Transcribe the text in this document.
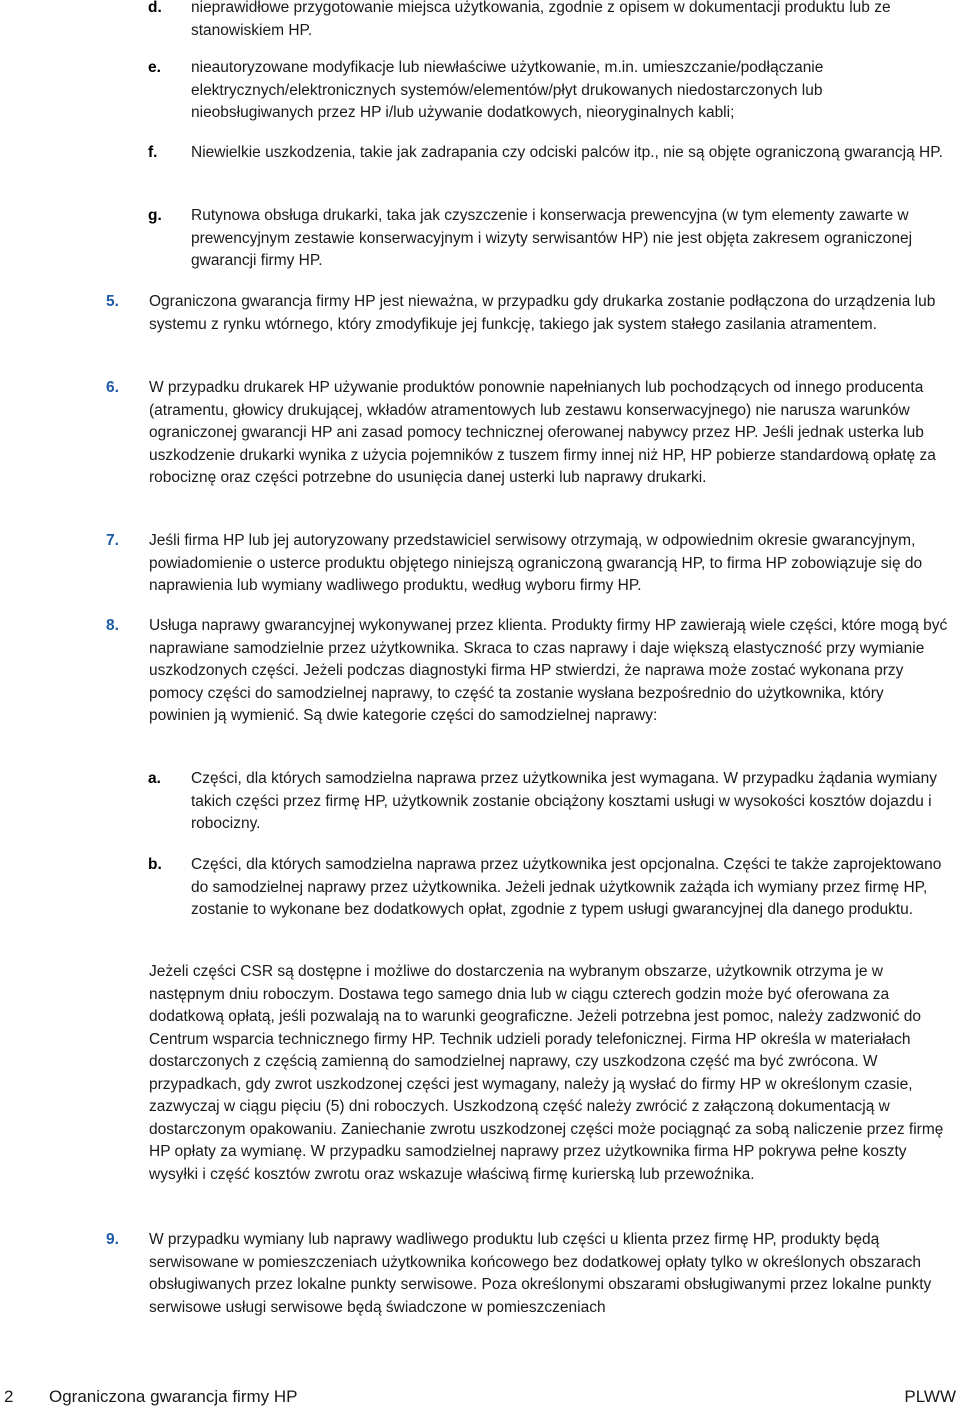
d. nieprawidłowe przygotowanie miejsca użytkowania, zgodnie z opisem w dokumentacji produktu lub ze stanowiskiem HP.
e. nieautoryzowane modyfikacje lub niewłaściwe użytkowanie, m.in. umieszczanie/podłączanie elektrycznych/elektronicznych systemów/elementów/płyt drukowanych niedostarczonych lub nieobsługiwanych przez HP i/lub używanie dodatkowych, nieoryginalnych kabli;
f. Niewielkie uszkodzenia, takie jak zadrapania czy odciski palców itp., nie są objęte ograniczoną gwarancją HP.
g. Rutynowa obsługa drukarki, taka jak czyszczenie i konserwacja prewencyjna (w tym elementy zawarte w prewencyjnym zestawie konserwacyjnym i wizyty serwisantów HP) nie jest objęta zakresem ograniczonej gwarancji firmy HP.
5. Ograniczona gwarancja firmy HP jest nieważna, w przypadku gdy drukarka zostanie podłączona do urządzenia lub systemu z rynku wtórnego, który zmodyfikuje jej funkcję, takiego jak system stałego zasilania atramentem.
6. W przypadku drukarek HP używanie produktów ponownie napełnianych lub pochodzących od innego producenta (atramentu, głowicy drukującej, wkładów atramentowych lub zestawu konserwacyjnego) nie narusza warunków ograniczonej gwarancji HP ani zasad pomocy technicznej oferowanej nabywcy przez HP. Jeśli jednak usterka lub uszkodzenie drukarki wynika z użycia pojemników z tuszem firmy innej niż HP, HP pobierze standardową opłatę za robociznę oraz części potrzebne do usunięcia danej usterki lub naprawy drukarki.
7. Jeśli firma HP lub jej autoryzowany przedstawiciel serwisowy otrzymają, w odpowiednim okresie gwarancyjnym, powiadomienie o usterce produktu objętego niniejszą ograniczoną gwarancją HP, to firma HP zobowiązuje się do naprawienia lub wymiany wadliwego produktu, według wyboru firmy HP.
8. Usługa naprawy gwarancyjnej wykonywanej przez klienta. Produkty firmy HP zawierają wiele części, które mogą być naprawiane samodzielnie przez użytkownika. Skraca to czas naprawy i daje większą elastyczność przy wymianie uszkodzonych części. Jeżeli podczas diagnostyki firma HP stwierdzi, że naprawa może zostać wykonana przy pomocy części do samodzielnej naprawy, to część ta zostanie wysłana bezpośrednio do użytkownika, który powinien ją wymienić. Są dwie kategorie części do samodzielnej naprawy:
a. Części, dla których samodzielna naprawa przez użytkownika jest wymagana. W przypadku żądania wymiany takich części przez firmę HP, użytkownik zostanie obciążony kosztami usługi w wysokości kosztów dojazdu i robocizny.
b. Części, dla których samodzielna naprawa przez użytkownika jest opcjonalna. Części te także zaprojektowano do samodzielnej naprawy przez użytkownika. Jeżeli jednak użytkownik zażąda ich wymiany przez firmę HP, zostanie to wykonane bez dodatkowych opłat, zgodnie z typem usługi gwarancyjnej dla danego produktu.
Jeżeli części CSR są dostępne i możliwe do dostarczenia na wybranym obszarze, użytkownik otrzyma je w następnym dniu roboczym. Dostawa tego samego dnia lub w ciągu czterech godzin może być oferowana za dodatkową opłatą, jeśli pozwalają na to warunki geograficzne. Jeżeli potrzebna jest pomoc, należy zadzwonić do Centrum wsparcia technicznego firmy HP. Technik udzieli porady telefonicznej. Firma HP określa w materiałach dostarczonych z częścią zamienną do samodzielnej naprawy, czy uszkodzona część ma być zwrócona. W przypadkach, gdy zwrot uszkodzonej części jest wymagany, należy ją wysłać do firmy HP w określonym czasie, zazwyczaj w ciągu pięciu (5) dni roboczych. Uszkodzoną część należy zwrócić z załączoną dokumentacją w dostarczonym opakowaniu. Zaniechanie zwrotu uszkodzonej części może pociągnąć za sobą naliczenie przez firmę HP opłaty za wymianę. W przypadku samodzielnej naprawy przez użytkownika firma HP pokrywa pełne koszty wysyłki i część kosztów zwrotu oraz wskazuje właściwą firmę kurierską lub przewoźnika.
9. W przypadku wymiany lub naprawy wadliwego produktu lub części u klienta przez firmę HP, produkty będą serwisowane w pomieszczeniach użytkownika końcowego bez dodatkowej opłaty tylko w określonych obszarach obsługiwanych przez lokalne punkty serwisowe. Poza określonymi obszarami obsługiwanymi przez lokalne punkty serwisowe usługi serwisowe będą świadczone w pomieszczeniach
2 Ograniczona gwarancja firmy HP	PLWW
